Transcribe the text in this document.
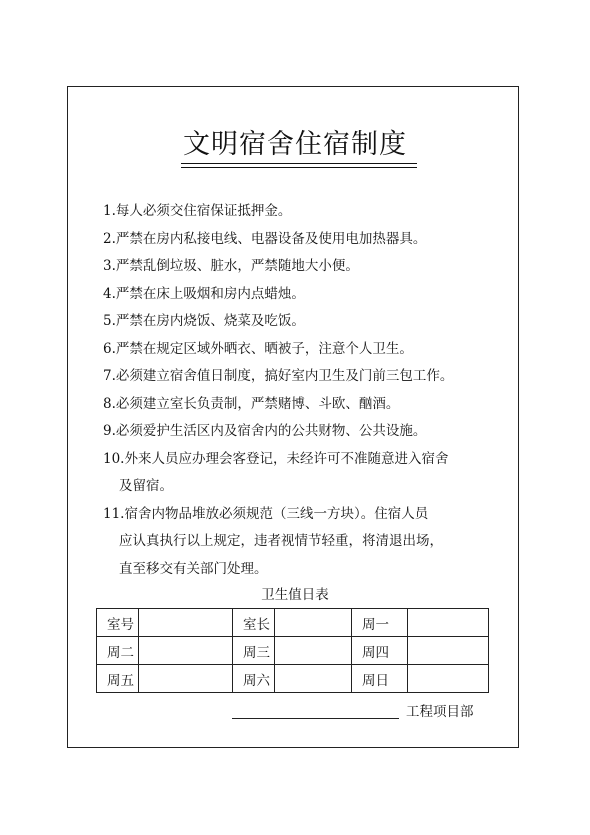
文明宿舍住宿制度
1.每人必须交住宿保证抵押金。
2.严禁在房内私接电线、电器设备及使用电加热器具。
3.严禁乱倒垃圾、脏水，严禁随地大小便。
4.严禁在床上吸烟和房内点蜡烛。
5.严禁在房内烧饭、烧菜及吃饭。
6.严禁在规定区域外晒衣、晒被子，注意个人卫生。
7.必须建立宿舍值日制度，搞好室内卫生及门前三包工作。
8.必须建立室长负责制，严禁赌博、斗欧、酗酒。
9.必须爱护生活区内及宿舍内的公共财物、公共设施。
10.外来人员应办理会客登记，未经许可不准随意进入宿舍
及留宿。
11.宿舍内物品堆放必须规范（三线一方块）。住宿人员
应认真执行以上规定，违者视情节轻重，将清退出场，
直至移交有关部门处理。
卫生值日表
室号		室长		周一	
周二		周三		周四	
周五		周六		周日	
工程项目部
